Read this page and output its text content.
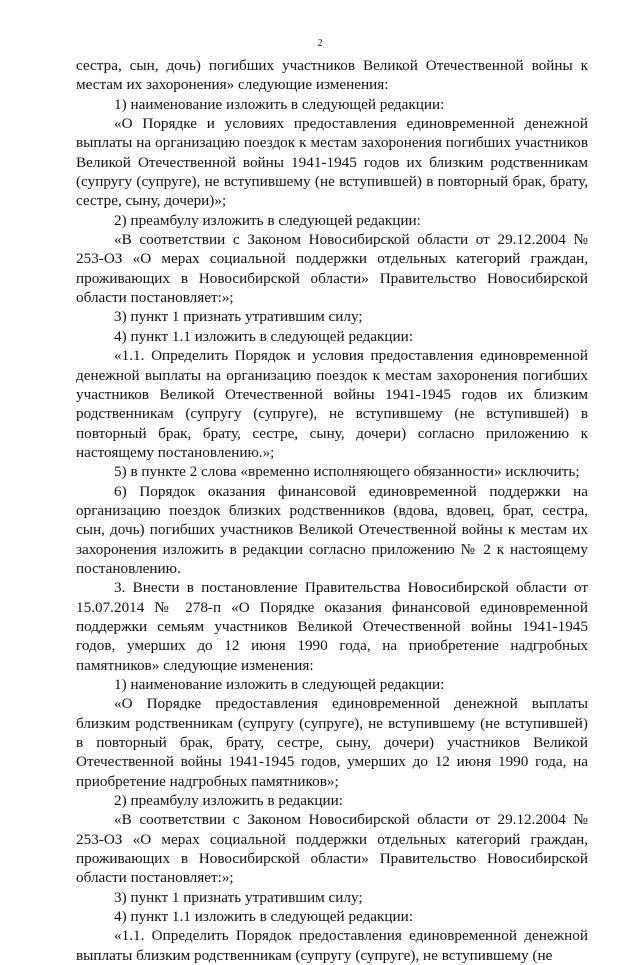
2

сестра, сын, дочь) погибших участников Великой Отечественной войны к местам их захоронения» следующие изменения:

1) наименование изложить в следующей редакции:

«О Порядке и условиях предоставления единовременной денежной выплаты на организацию поездок к местам захоронения погибших участников Великой Отечественной войны 1941-1945 годов их близким родственникам (супругу (супруге), не вступившему (не вступившей) в повторный брак, брату, сестре, сыну, дочери)»;

2) преамбулу изложить в следующей редакции:

«В соответствии с Законом Новосибирской области от 29.12.2004 № 253-ОЗ «О мерах социальной поддержки отдельных категорий граждан, проживающих в Новосибирской области» Правительство Новосибирской области постановляет:»;

3) пункт 1 признать утратившим силу;

4) пункт 1.1 изложить в следующей редакции:

«1.1. Определить Порядок и условия предоставления единовременной денежной выплаты на организацию поездок к местам захоронения погибших участников Великой Отечественной войны 1941-1945 годов их близким родственникам (супругу (супруге), не вступившему (не вступившей) в повторный брак, брату, сестре, сыну, дочери) согласно приложению к настоящему постановлению.»;

5) в пункте 2 слова «временно исполняющего обязанности» исключить;

6) Порядок оказания финансовой единовременной поддержки на организацию поездок близких родственников (вдова, вдовец, брат, сестра, сын, дочь) погибших участников Великой Отечественной войны к местам их захоронения изложить в редакции согласно приложению № 2 к настоящему постановлению.

3. Внести в постановление Правительства Новосибирской области от 15.07.2014 № 278-п «О Порядке оказания финансовой единовременной поддержки семьям участников Великой Отечественной войны 1941-1945 годов, умерших до 12 июня 1990 года, на приобретение надгробных памятников» следующие изменения:

1) наименование изложить в следующей редакции:

«О Порядке предоставления единовременной денежной выплаты близким родственникам (супругу (супруге), не вступившему (не вступившей) в повторный брак, брату, сестре, сыну, дочери) участников Великой Отечественной войны 1941-1945 годов, умерших до 12 июня 1990 года, на приобретение надгробных памятников»;

2) преамбулу изложить в редакции:

«В соответствии с Законом Новосибирской области от 29.12.2004 № 253-ОЗ «О мерах социальной поддержки отдельных категорий граждан, проживающих в Новосибирской области» Правительство Новосибирской области постановляет:»;

3) пункт 1 признать утратившим силу;

4) пункт 1.1 изложить в следующей редакции:

«1.1. Определить Порядок предоставления единовременной денежной выплаты близким родственникам (супругу (супруге), не вступившему (не
